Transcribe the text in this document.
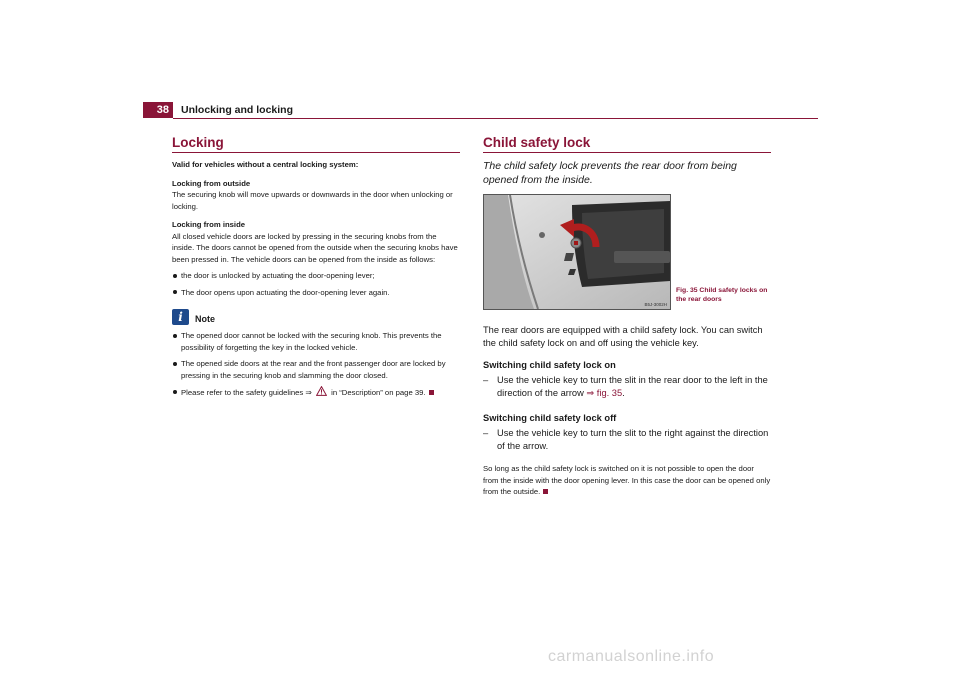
38	Unlocking and locking
Locking

Valid for vehicles without a central locking system:

Locking from outside

The securing knob will move upwards or downwards in the door when unlocking or locking.

Locking from inside

All closed vehicle doors are locked by pressing in the securing knobs from the inside. The doors cannot be opened from the outside when the securing knobs have been pressed in. The vehicle doors can be opened from the inside as follows:

the door is unlocked by actuating the door-opening lever;
The door opens upon actuating the door-opening lever again.
i	Note
The opened door cannot be locked with the securing knob. This prevents the possibility of forgetting the key in the locked vehicle.
The opened side doors at the rear and the front passenger door are locked by pressing in the securing knob and slamming the door closed.
Please refer to the safety guidelines ⇒	in “Description” on page 39.
Child safety lock

The child safety lock prevents the rear door from being opened from the inside.

B5J-3002H
Fig. 35 Child safety locks on the rear doors

The rear doors are equipped with a child safety lock. You can switch the child safety lock on and off using the vehicle key.

Switching child safety lock on

– Use the vehicle key to turn the slit in the rear door to the left in the direction of the arrow ⇒ fig. 35.

Switching child safety lock off

– Use the vehicle key to turn the slit to the right against the direction of the arrow.

So long as the child safety lock is switched on it is not possible to open the door from the inside with the door opening lever. In this case the door can be opened only from the outside.

carmanualsonline.info
